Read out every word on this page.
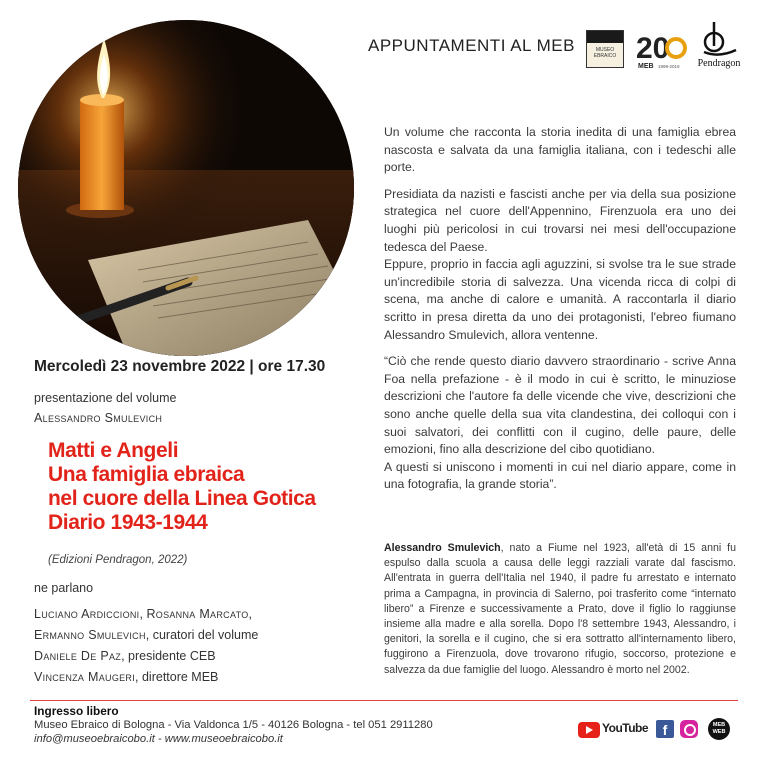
APPUNTAMENTI AL MEB	MUSEO EBRAICO 20
MEB 1999-2019	Pendragon

Un volume che racconta la storia inedita di una famiglia ebrea nascosta e salvata da una famiglia italiana, con i tedeschi alle porte.

Presidiata da nazisti e fascisti anche per via della sua posizione strategica nel cuore dell'Appennino, Firenzuola era uno dei luoghi più pericolosi in cui trovarsi nei mesi dell'occupazione tedesca del Paese.

Eppure, proprio in faccia agli aguzzini, si svolse tra le sue strade un'incredibile storia di salvezza. Una vicenda ricca di colpi di scena, ma anche di calore e umanità. A raccontarla il diario scritto in presa diretta da uno dei protagonisti, l'ebreo fiumano Alessandro Smulevich, allora ventenne.

“Ciò che rende questo diario davvero straordinario - scrive Anna Foa nella prefazione - è il modo in cui è scritto, le minuziose descrizioni che l'autore fa delle vicende che vive, descrizioni che sono anche quelle della sua vita clandestina, dei colloqui con i suoi salvatori, dei conflitti con il cugino, delle paure, delle emozioni, fino alla descrizione del cibo quotidiano.

A questi si uniscono i momenti in cui nel diario appare, come in una fotografia, la grande storia”.

Alessandro Smulevich, nato a Fiume nel 1923, all'età di 15 anni fu espulso dalla scuola a causa delle leggi razziali varate dal fascismo. All'entrata in guerra dell'Italia nel 1940, il padre fu arrestato e internato prima a Campagna, in provincia di Salerno, poi trasferito come “internato libero” a Firenze e successivamente a Prato, dove il figlio lo raggiunse insieme alla madre e alla sorella. Dopo l'8 settembre 1943, Alessandro, i genitori, la sorella e il cugino, che si era sottratto all'internamento libero, fuggirono a Firenzuola, dove trovarono rifugio, soccorso, protezione e salvezza da due famiglie del luogo. Alessandro è morto nel 2002.
Mercoledì 23 novembre 2022 | ore 17.30
presentazione del volume
Alessandro Smulevich
Matti e Angeli
Una famiglia ebraica
nel cuore della Linea Gotica
Diario 1943-1944
(Edizioni Pendragon, 2022)
ne parlano
Luciano Ardiccioni, Rosanna Marcato,
Ermanno Smulevich, curatori del volume
Daniele De Paz, presidente CEB
Vincenza Maugeri, direttore MEB
Ingresso libero
Museo Ebraico di Bologna - Via Valdonca 1/5 - 40126 Bologna - tel 051 2911280
info@museoebraicobo.it - www.museoebraicobo.it
YouTube	f	MEB
WEB
